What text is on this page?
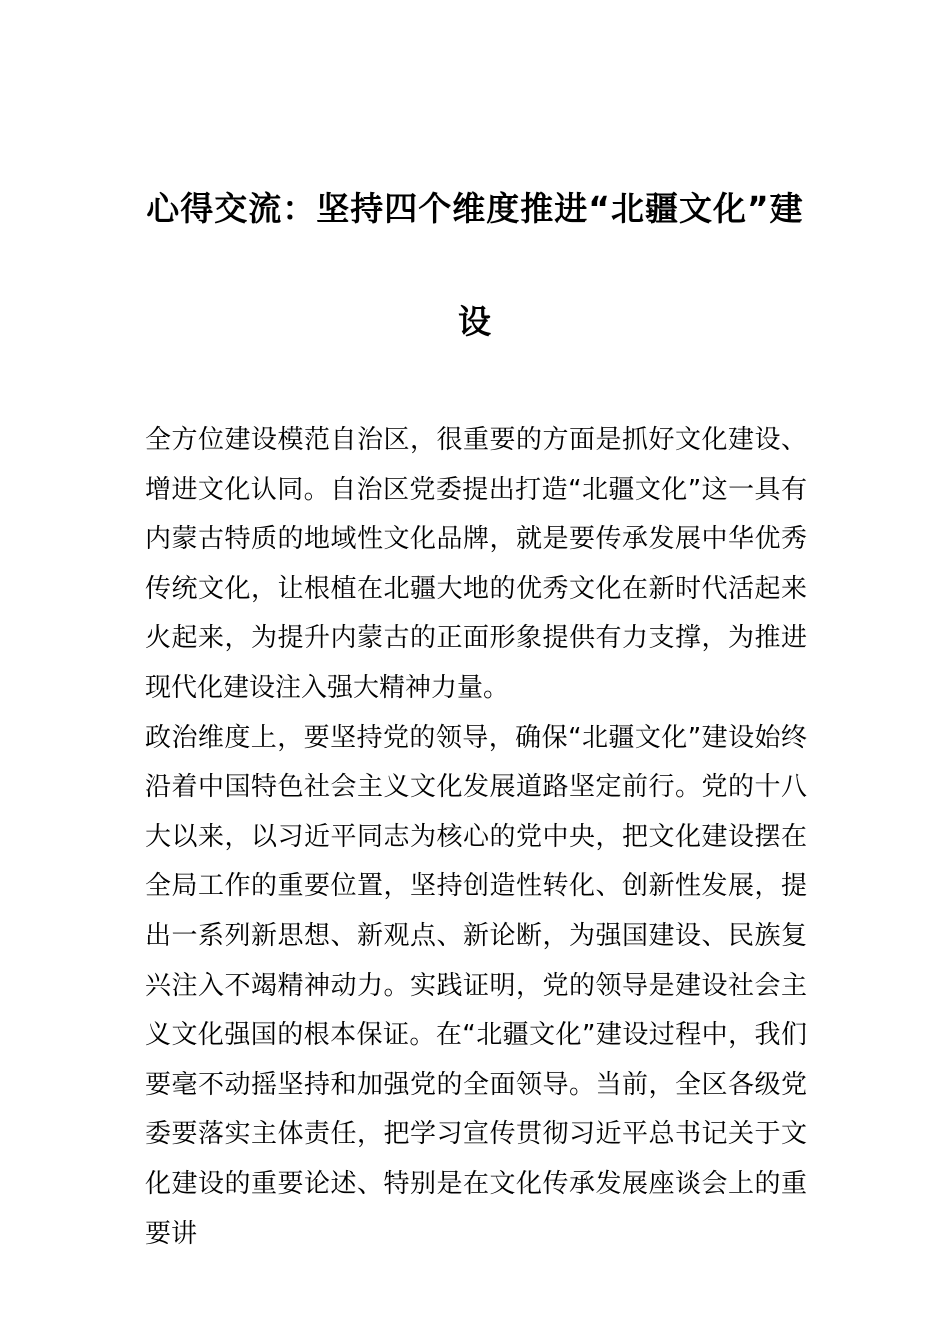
心得交流：坚持四个维度推进“北疆文化”建设

全方位建设模范自治区，很重要的方面是抓好文化建设、增进文化认同。自治区党委提出打造“北疆文化”这一具有内蒙古特质的地域性文化品牌，就是要传承发展中华优秀传统文化，让根植在北疆大地的优秀文化在新时代活起来火起来，为提升内蒙古的正面形象提供有力支撑，为推进现代化建设注入强大精神力量。

政治维度上，要坚持党的领导，确保“北疆文化”建设始终沿着中国特色社会主义文化发展道路坚定前行。党的十八大以来，以习近平同志为核心的党中央，把文化建设摆在全局工作的重要位置，坚持创造性转化、创新性发展，提出一系列新思想、新观点、新论断，为强国建设、民族复兴注入不竭精神动力。实践证明，党的领导是建设社会主义文化强国的根本保证。在“北疆文化”建设过程中，我们要毫不动摇坚持和加强党的全面领导。当前，全区各级党委要落实主体责任，把学习宣传贯彻习近平总书记关于文化建设的重要论述、特别是在文化传承发展座谈会上的重要讲
